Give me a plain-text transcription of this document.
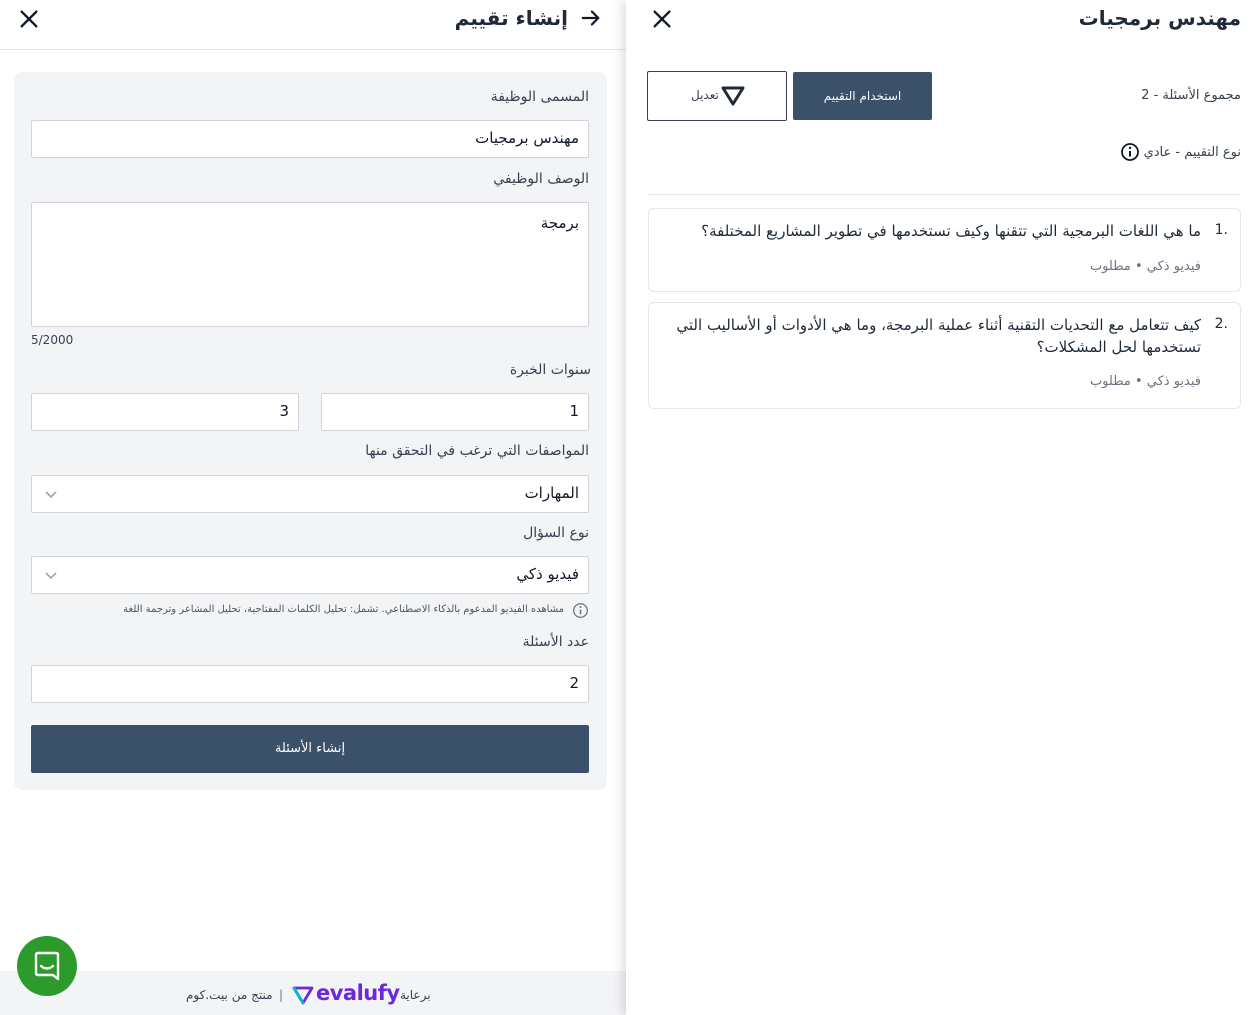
إنشاء تقييم
المسمى الوظيفة
مهندس برمجيات
الوصف الوظيفي
برمجة
5/2000
سنوات الخبرة
1
3
المواصفات التي ترغب في التحقق منها
المهارات
نوع السؤال
فيديو ذكي
مشاهده الفيديو المدعوم بالذكاء الاصطناعي. تشمل: تحليل الكلمات المفتاحية، تحليل المشاعر وترجمة اللغة
عدد الأسئلة
2
إنشاء الأسئلة
برعاية
evalufy
|
منتج من بيت.كوم
مهندس برمجيات
مجموع الأسئلة - 2
استخدام التقييم
تعديل
نوع التقييم - عادي
1.
ما هي اللغات البرمجية التي تتقنها وكيف تستخدمها في تطوير المشاريع المختلفة؟
فيديو ذكي • مطلوب
2.
كيف تتعامل مع التحديات التقنية أثناء عملية البرمجة، وما هي الأدوات أو الأساليب التي تستخدمها لحل المشكلات؟
فيديو ذكي • مطلوب
